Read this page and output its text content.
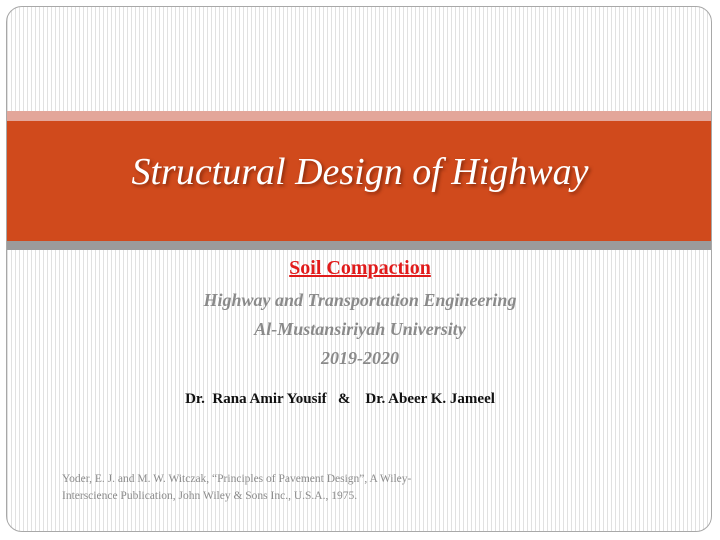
Structural Design of Highway
Soil Compaction
Highway and Transportation Engineering
Al-Mustansiriyah University
2019-2020
Dr.  Rana Amir Yousif   &    Dr. Abeer K. Jameel
Yoder, E. J. and M. W. Witczak, “Principles of Pavement Design”, A Wiley-
Interscience Publication, John Wiley & Sons Inc., U.S.A., 1975.
